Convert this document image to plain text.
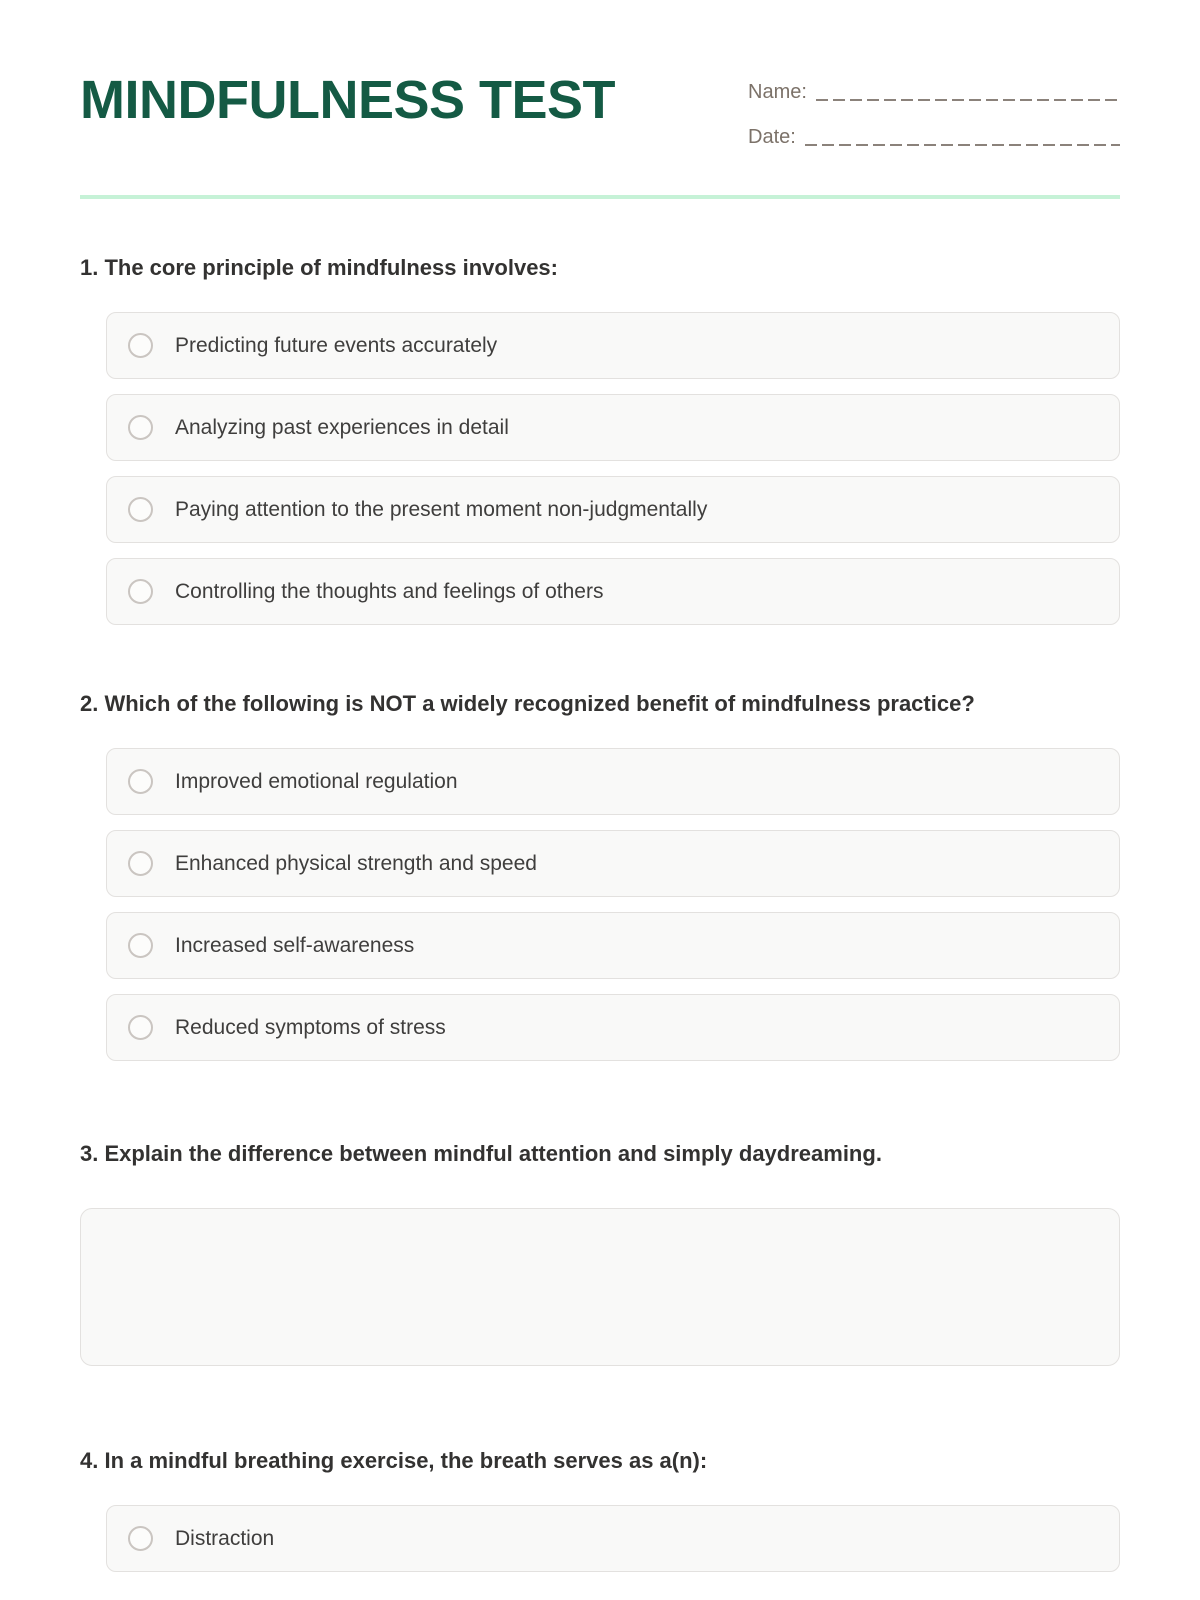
MINDFULNESS TEST	Name:
Date:
1. The core principle of mindfulness involves:
Predicting future events accurately
Analyzing past experiences in detail
Paying attention to the present moment non-judgmentally
Controlling the thoughts and feelings of others
2. Which of the following is NOT a widely recognized benefit of mindfulness practice?
Improved emotional regulation
Enhanced physical strength and speed
Increased self-awareness
Reduced symptoms of stress
3. Explain the difference between mindful attention and simply daydreaming.
4. In a mindful breathing exercise, the breath serves as a(n):
Distraction
